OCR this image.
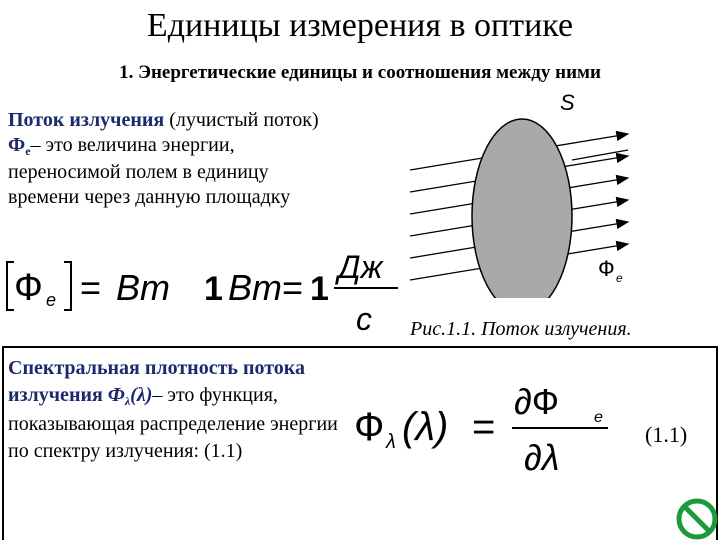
Единицы измерения в оптике
1. Энергетические единицы и соотношения между ними
Поток излучения (лучистый поток) $Ф_е-$ это величина энергии, переносимой полем в единицу времени через данную площадку
Ф е = Вт 1 Вт = 1
Дж
с
S
Ф е
Рис.1.1. Поток излучения.
Спектральная плотность потока излучения $Ф_\lambda(\lambda)-$ это функция, показывающая распределение энергии по спектру излучения: (1.1)
Ф λ (λ) =
∂Ф е
∂λ
(1.1)
